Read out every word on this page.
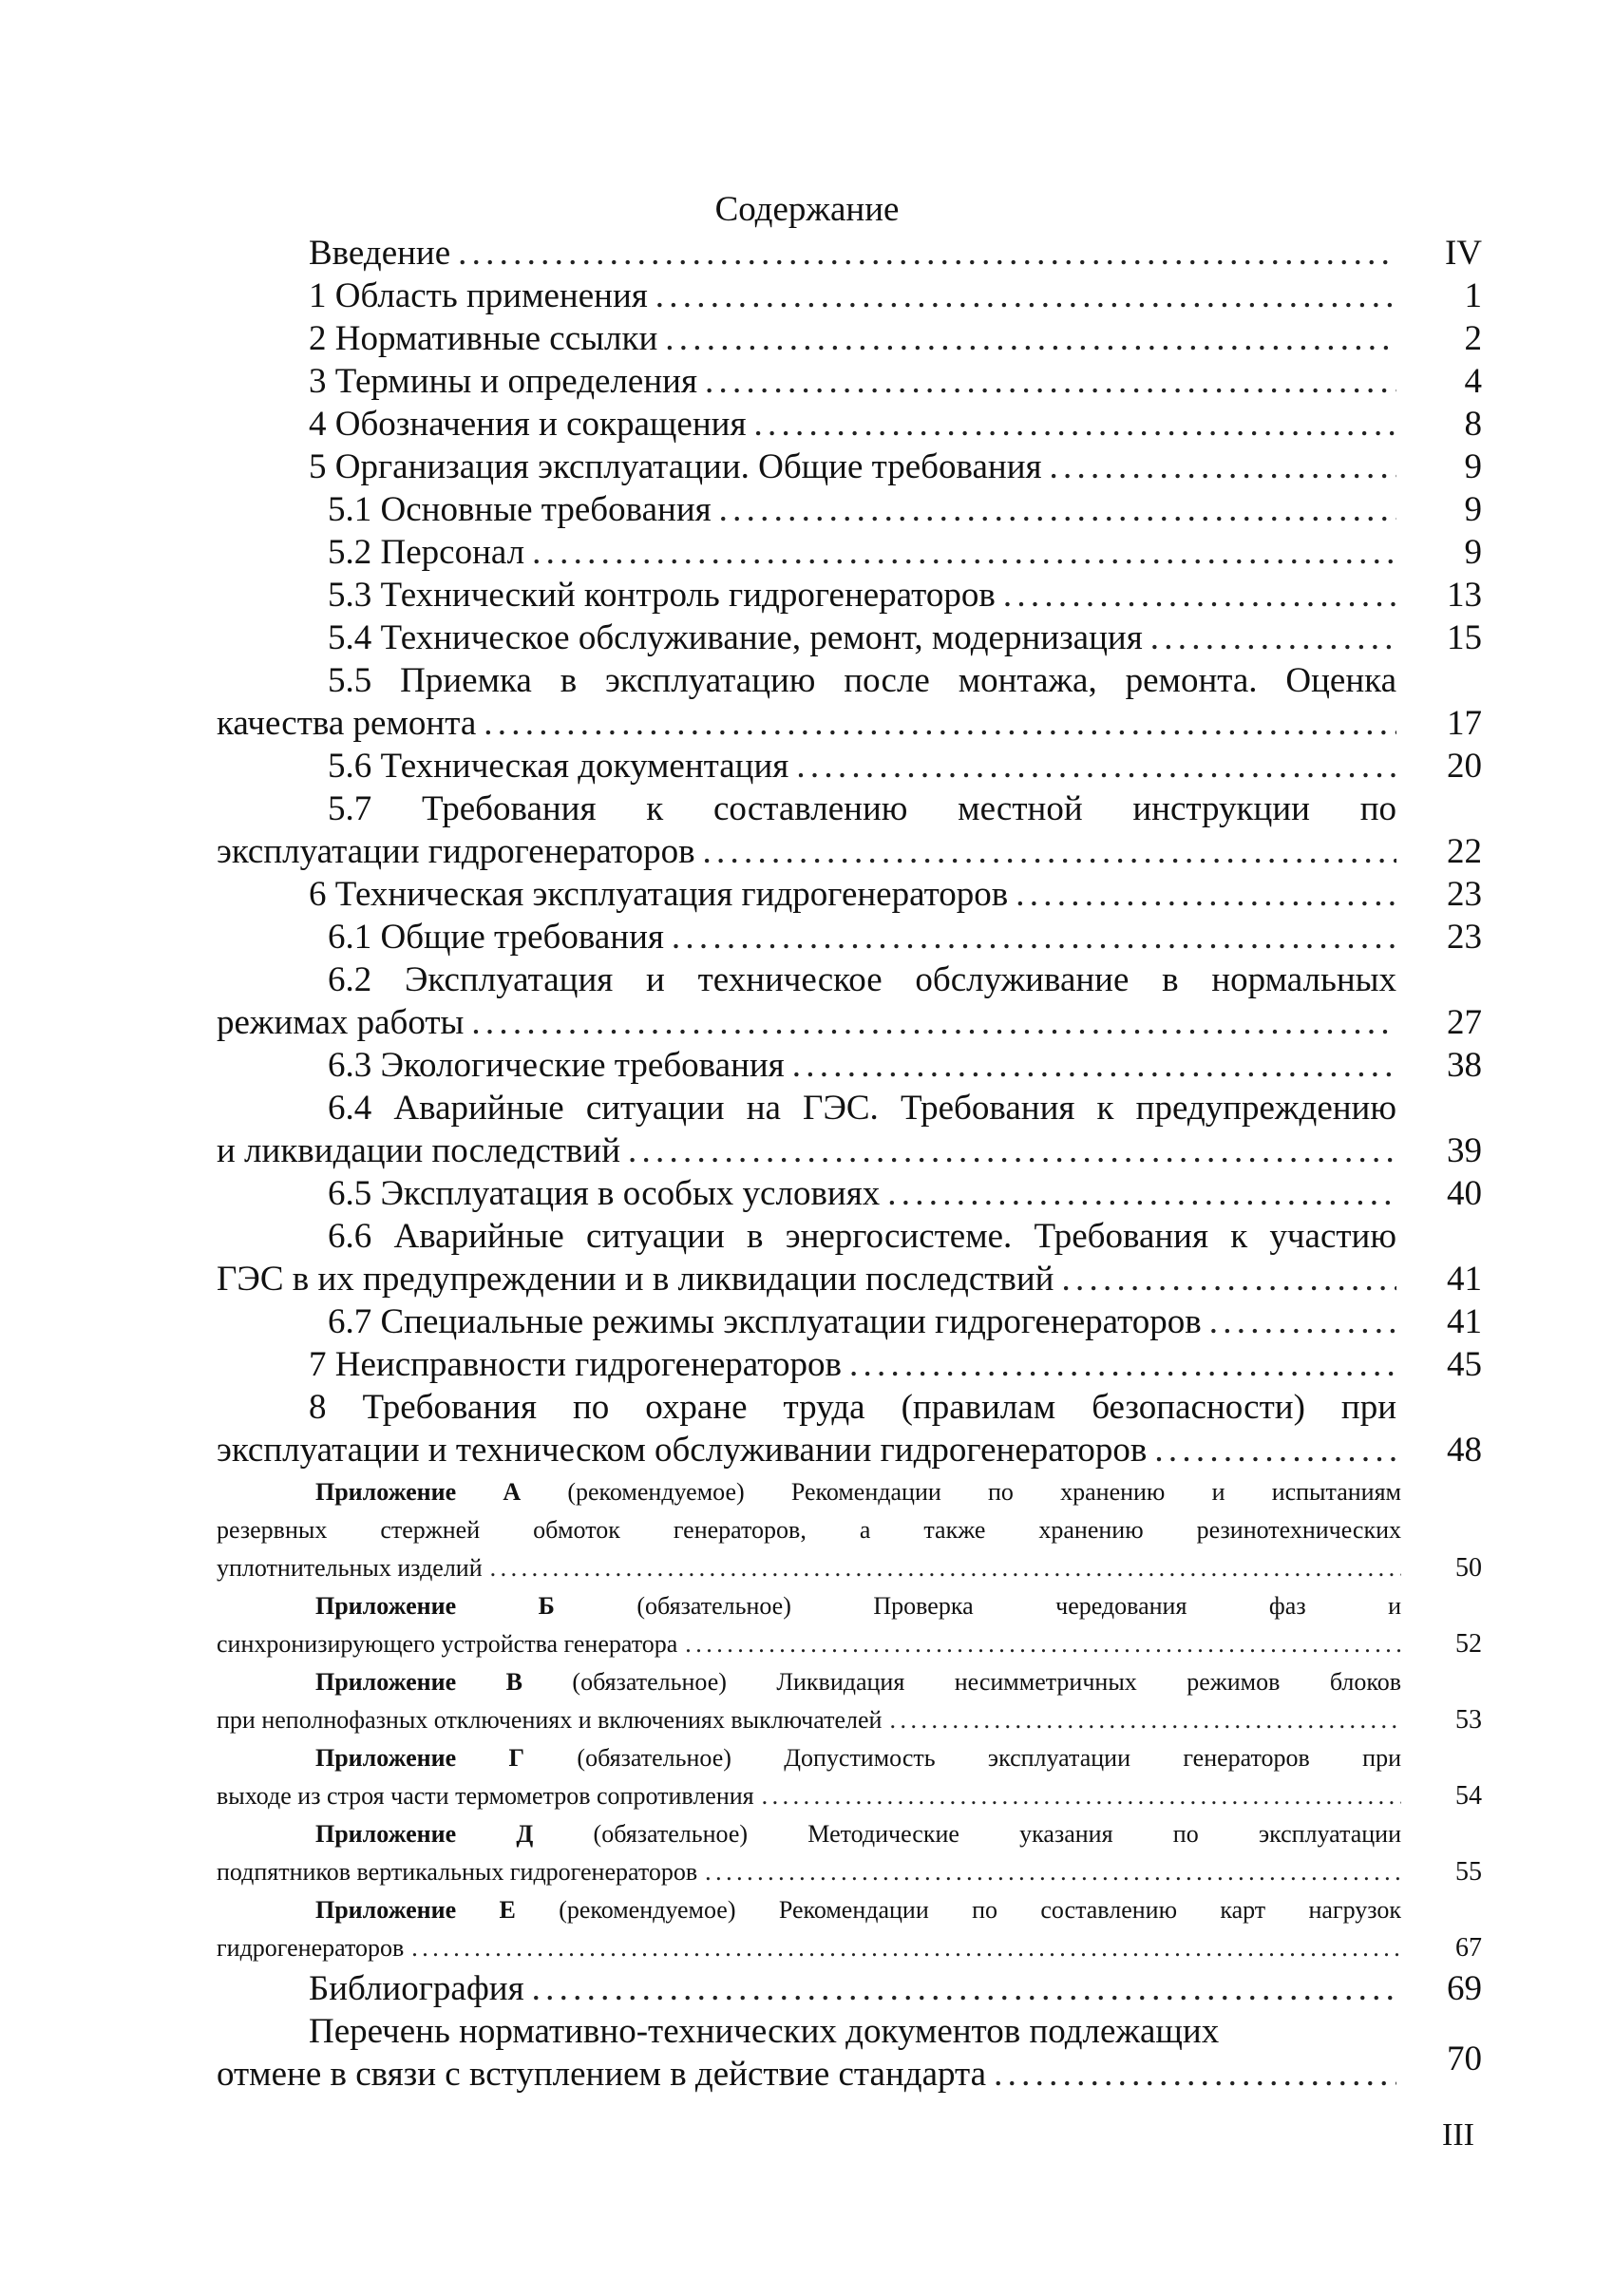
Содержание
Введение . . .	IV
1 Область применения . . .	1
2 Нормативные ссылки . . .	2
3 Термины и определения . . .	4
4 Обозначения и сокращения . . .	8
5 Организация эксплуатации. Общие требования . . .	9
5.1 Основные требования . . .	9
5.2 Персонал . . .	9
5.3 Технический контроль гидрогенераторов . . .	13
5.4 Техническое обслуживание, ремонт, модернизация . . .	15
5.5 Приемка в эксплуатацию после монтажа, ремонта. Оценка
качества ремонта . . .	17
5.6 Техническая документация . . .	20
5.7 Требования к составлению местной инструкции по
эксплуатации гидрогенераторов . . .	22
6 Техническая эксплуатация гидрогенераторов . . .	23
6.1 Общие требования . . .	23
6.2 Эксплуатация и техническое обслуживание в нормальных
режимах работы . . .	27
6.3 Экологические требования . . .	38
6.4 Аварийные ситуации на ГЭС. Требования к предупреждению
и ликвидации последствий . . .	39
6.5 Эксплуатация в особых условиях . . .	40
6.6 Аварийные ситуации в энергосистеме. Требования к участию
ГЭС в их предупреждении и в ликвидации последствий . . .	41
6.7 Специальные режимы эксплуатации гидрогенераторов . . .	41
7 Неисправности гидрогенераторов . . .	45
8 Требования по охране труда (правилам безопасности) при
эксплуатации и техническом обслуживании гидрогенераторов . . .	48
Приложение А (рекомендуемое) Рекомендации по хранению и испытаниям
резервных стержней обмоток генераторов, а также хранению резинотехнических
уплотнительных изделий . . .	50
Приложение Б	(обязательное) Проверка чередования фаз и
синхронизирующего устройства генератора . . .	52
Приложение В (обязательное) Ликвидация несимметричных режимов блоков
при неполнофазных отключениях и включениях выключателей . . .	53
Приложение Г (обязательное) Допустимость эксплуатации генераторов при
выходе из строя части термометров сопротивления . . .	54
Приложение Д (обязательное) Методические указания по эксплуатации
подпятников вертикальных гидрогенераторов . . .	55
Приложение Е (рекомендуемое) Рекомендации по составлению карт нагрузок
гидрогенераторов . . .	67
Библиография . . .	69
Перечень нормативно-технических документов подлежащих
отмене в связи с вступлением в действие стандарта . . .	70
III
